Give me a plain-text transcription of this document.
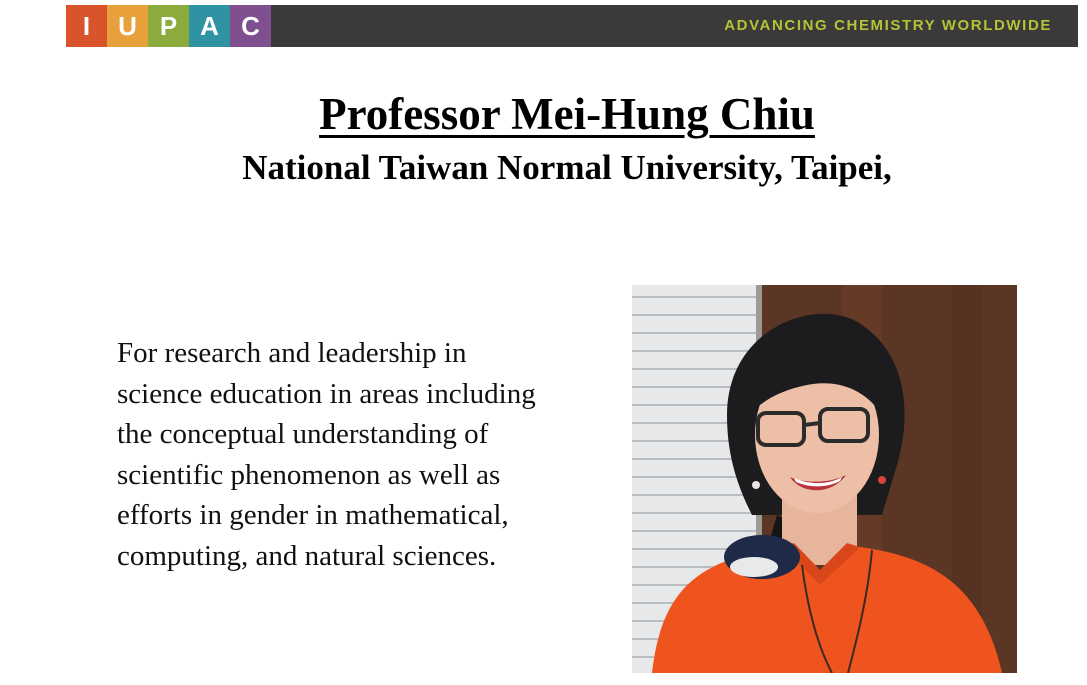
I	U P A C	ADVANCING CHEMISTRY WORLDWIDE
Professor Mei-Hung Chiu
National Taiwan Normal University, Taipei,
For research and leadership in
science education in areas including
the conceptual understanding of
scientific phenomenon as well as
efforts in gender in mathematical,
computing, and natural sciences.
